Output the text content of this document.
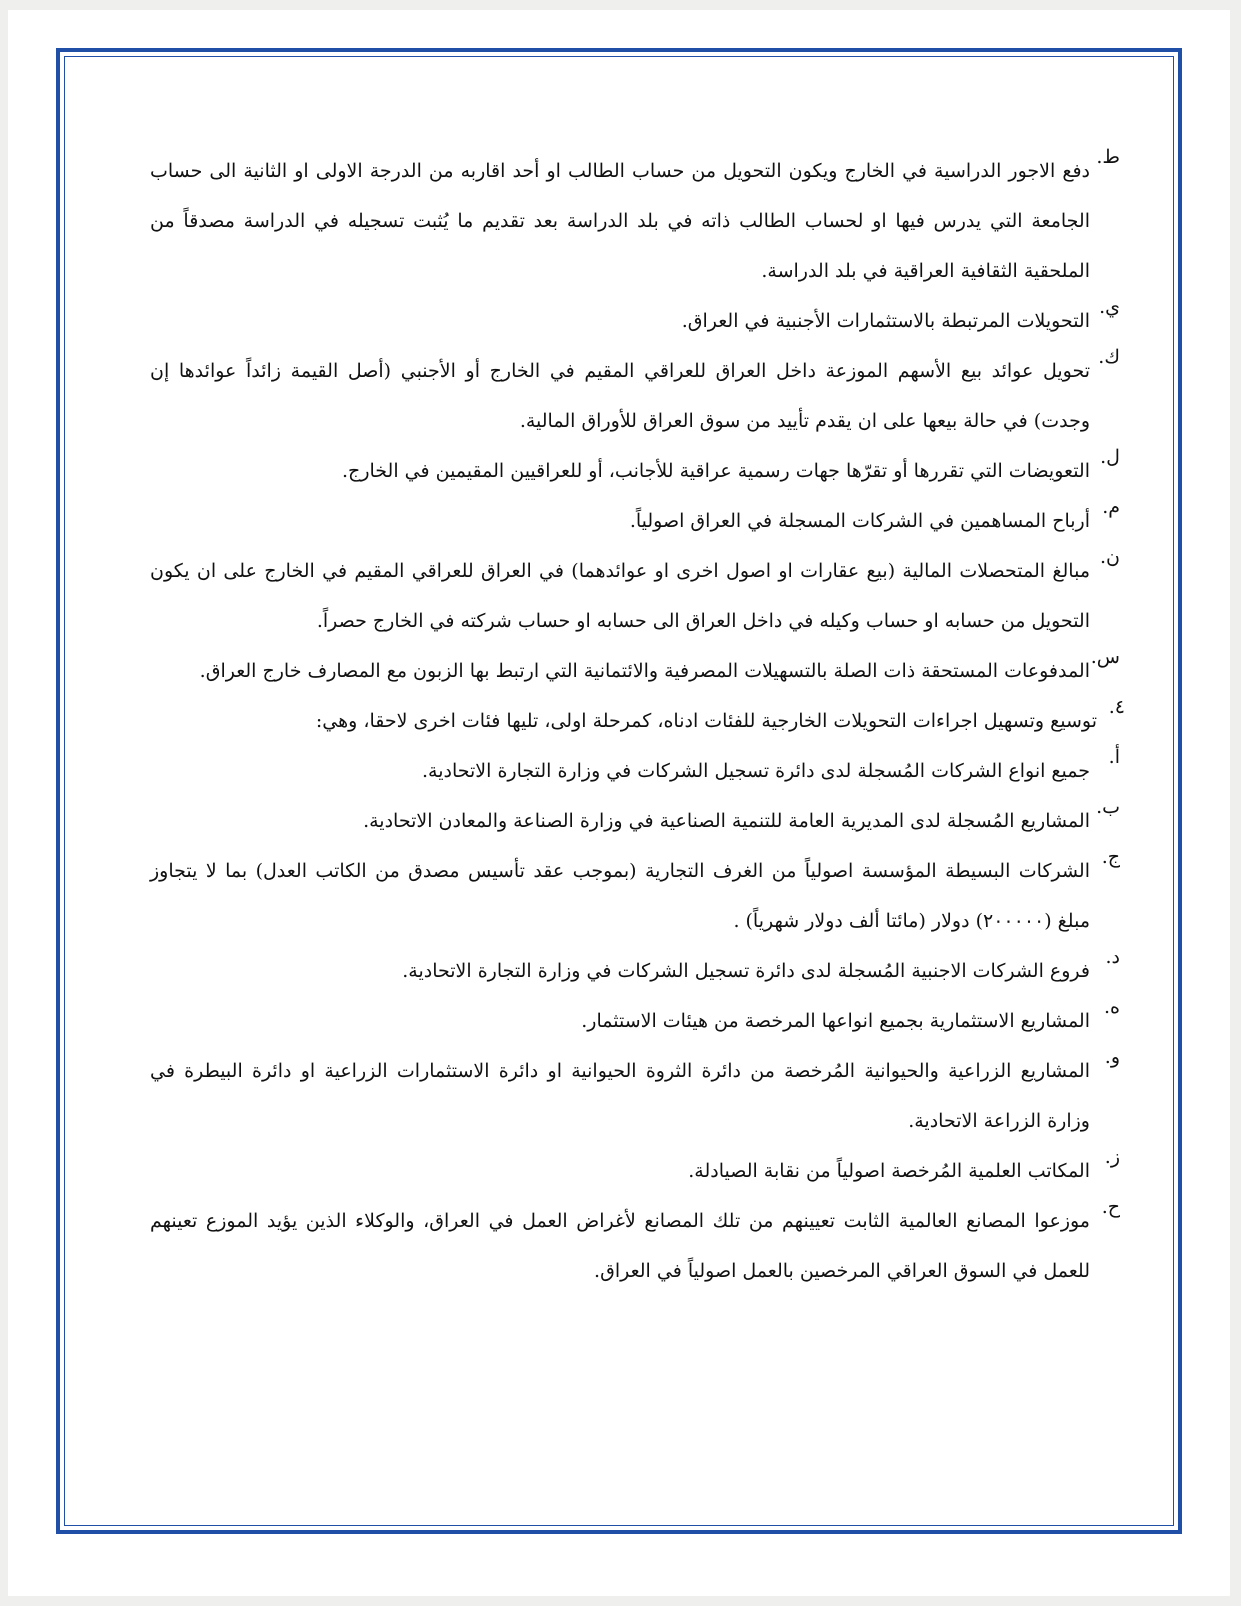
ط.
دفع الاجور الدراسية في الخارج ويكون التحويل من حساب الطالب او أحد اقاربه من الدرجة الاولى او الثانية الى حساب الجامعة التي يدرس فيها او لحساب الطالب ذاته في بلد الدراسة بعد تقديم ما يُثبت تسجيله في الدراسة مصدقاً من الملحقية الثقافية العراقية في بلد الدراسة.
ي.
التحويلات المرتبطة بالاستثمارات الأجنبية في العراق.
ك.
تحويل عوائد بيع الأسهم الموزعة داخل العراق للعراقي المقيم في الخارج أو الأجنبي (أصل القيمة زائداً عوائدها إن وجدت) في حالة بيعها على ان يقدم تأييد من سوق العراق للأوراق المالية.
ل.
التعويضات التي تقررها أو تقرّها جهات رسمية عراقية للأجانب، أو للعراقيين المقيمين في الخارج.
م.
أرباح المساهمين في الشركات المسجلة في العراق اصولياً.
ن.
مبالغ المتحصلات المالية (بيع عقارات او اصول اخرى او عوائدهما) في العراق للعراقي المقيم في الخارج على ان يكون التحويل من حسابه او حساب وكيله في داخل العراق الى حسابه او حساب شركته في الخارج حصراً.
س.
المدفوعات المستحقة ذات الصلة بالتسهيلات المصرفية والائتمانية التي ارتبط بها الزبون مع المصارف خارج العراق.
٤.
توسيع وتسهيل اجراءات التحويلات الخارجية للفئات ادناه، كمرحلة اولى، تليها فئات اخرى لاحقا، وهي:
أ.
جميع انواع الشركات المُسجلة لدى دائرة تسجيل الشركات في وزارة التجارة الاتحادية.
ب.
المشاريع المُسجلة لدى المديرية العامة للتنمية الصناعية في وزارة الصناعة والمعادن الاتحادية.
ج.
الشركات البسيطة المؤسسة اصولياً من الغرف التجارية (بموجب عقد تأسيس مصدق من الكاتب العدل) بما لا يتجاوز مبلغ (٢٠٠٠٠٠) دولار (مائتا ألف دولار شهرياً) .
د.
فروع الشركات الاجنبية المُسجلة لدى دائرة تسجيل الشركات في وزارة التجارة الاتحادية.
ه.
المشاريع الاستثمارية بجميع انواعها المرخصة من هيئات الاستثمار.
و.
المشاريع الزراعية والحيوانية المُرخصة من دائرة الثروة الحيوانية او دائرة الاستثمارات الزراعية او دائرة البيطرة في وزارة الزراعة الاتحادية.
ز.
المكاتب العلمية المُرخصة اصولياً من نقابة الصيادلة.
ح.
موزعوا المصانع العالمية الثابت تعيينهم من تلك المصانع لأغراض العمل في العراق، والوكلاء الذين يؤيد الموزع تعينهم للعمل في السوق العراقي المرخصين بالعمل اصولياً في العراق.
